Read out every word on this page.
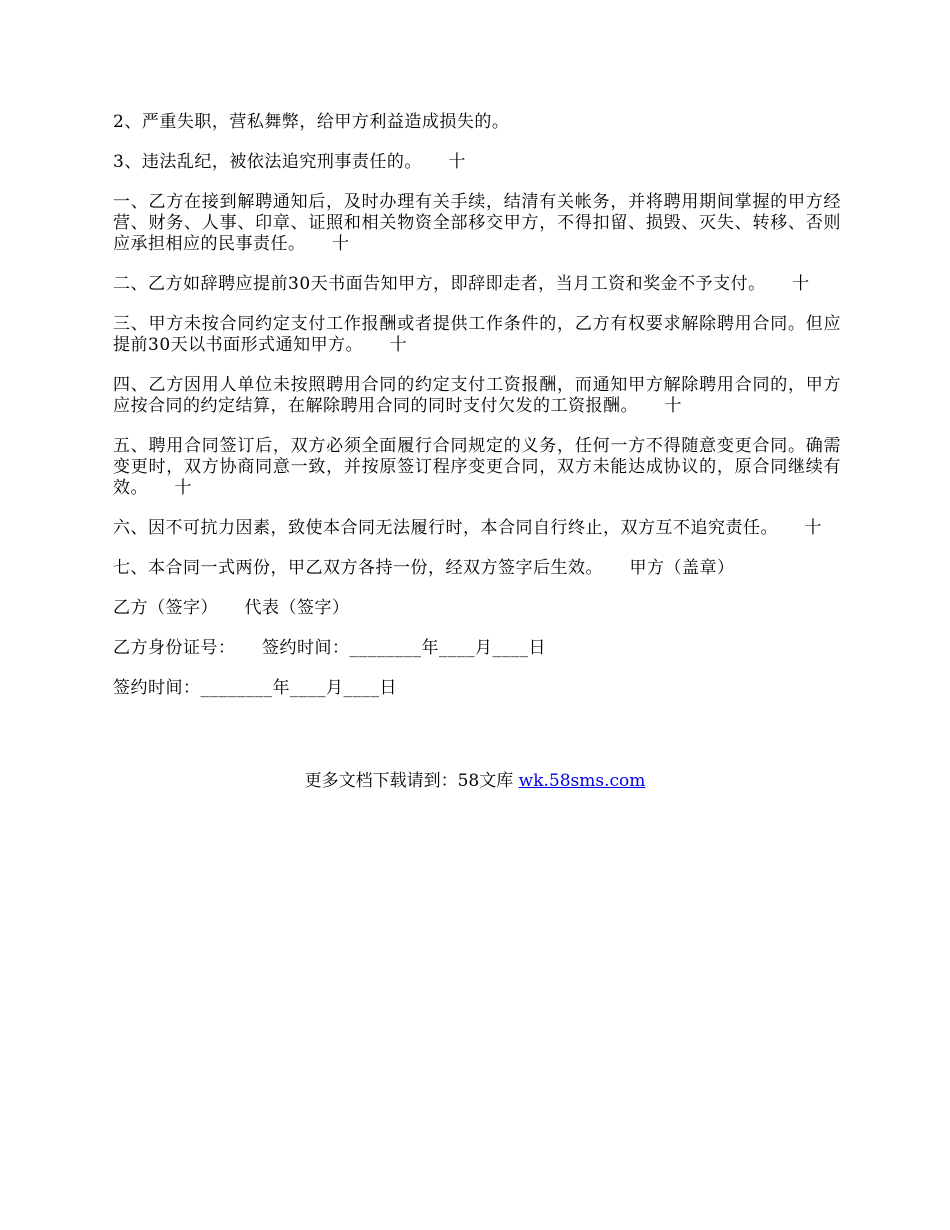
2、严重失职，营私舞弊，给甲方利益造成损失的。

3、违法乱纪，被依法追究刑事责任的。　　十

一、乙方在接到解聘通知后，及时办理有关手续，结清有关帐务，并将聘用期间掌握的甲方经营、财务、人事、印章、证照和相关物资全部移交甲方，不得扣留、损毁、灭失、转移、否则应承担相应的民事责任。　　十

二、乙方如辞聘应提前30天书面告知甲方，即辞即走者，当月工资和奖金不予支付。　　十

三、甲方未按合同约定支付工作报酬或者提供工作条件的，乙方有权要求解除聘用合同。但应提前30天以书面形式通知甲方。　　十

四、乙方因用人单位未按照聘用合同的约定支付工资报酬，而通知甲方解除聘用合同的，甲方应按合同的约定结算，在解除聘用合同的同时支付欠发的工资报酬。　　十

五、聘用合同签订后，双方必须全面履行合同规定的义务，任何一方不得随意变更合同。确需变更时，双方协商同意一致，并按原签订程序变更合同，双方未能达成协议的，原合同继续有效。　　十

六、因不可抗力因素，致使本合同无法履行时，本合同自行终止，双方互不追究责任。　　十

七、本合同一式两份，甲乙双方各持一份，经双方签字后生效。　　甲方（盖章）

乙方（签字）　　代表（签字）

乙方身份证号：　　签约时间：________年____月____日

签约时间：________年____月____日

更多文档下载请到：58文库 wk.58sms.com
